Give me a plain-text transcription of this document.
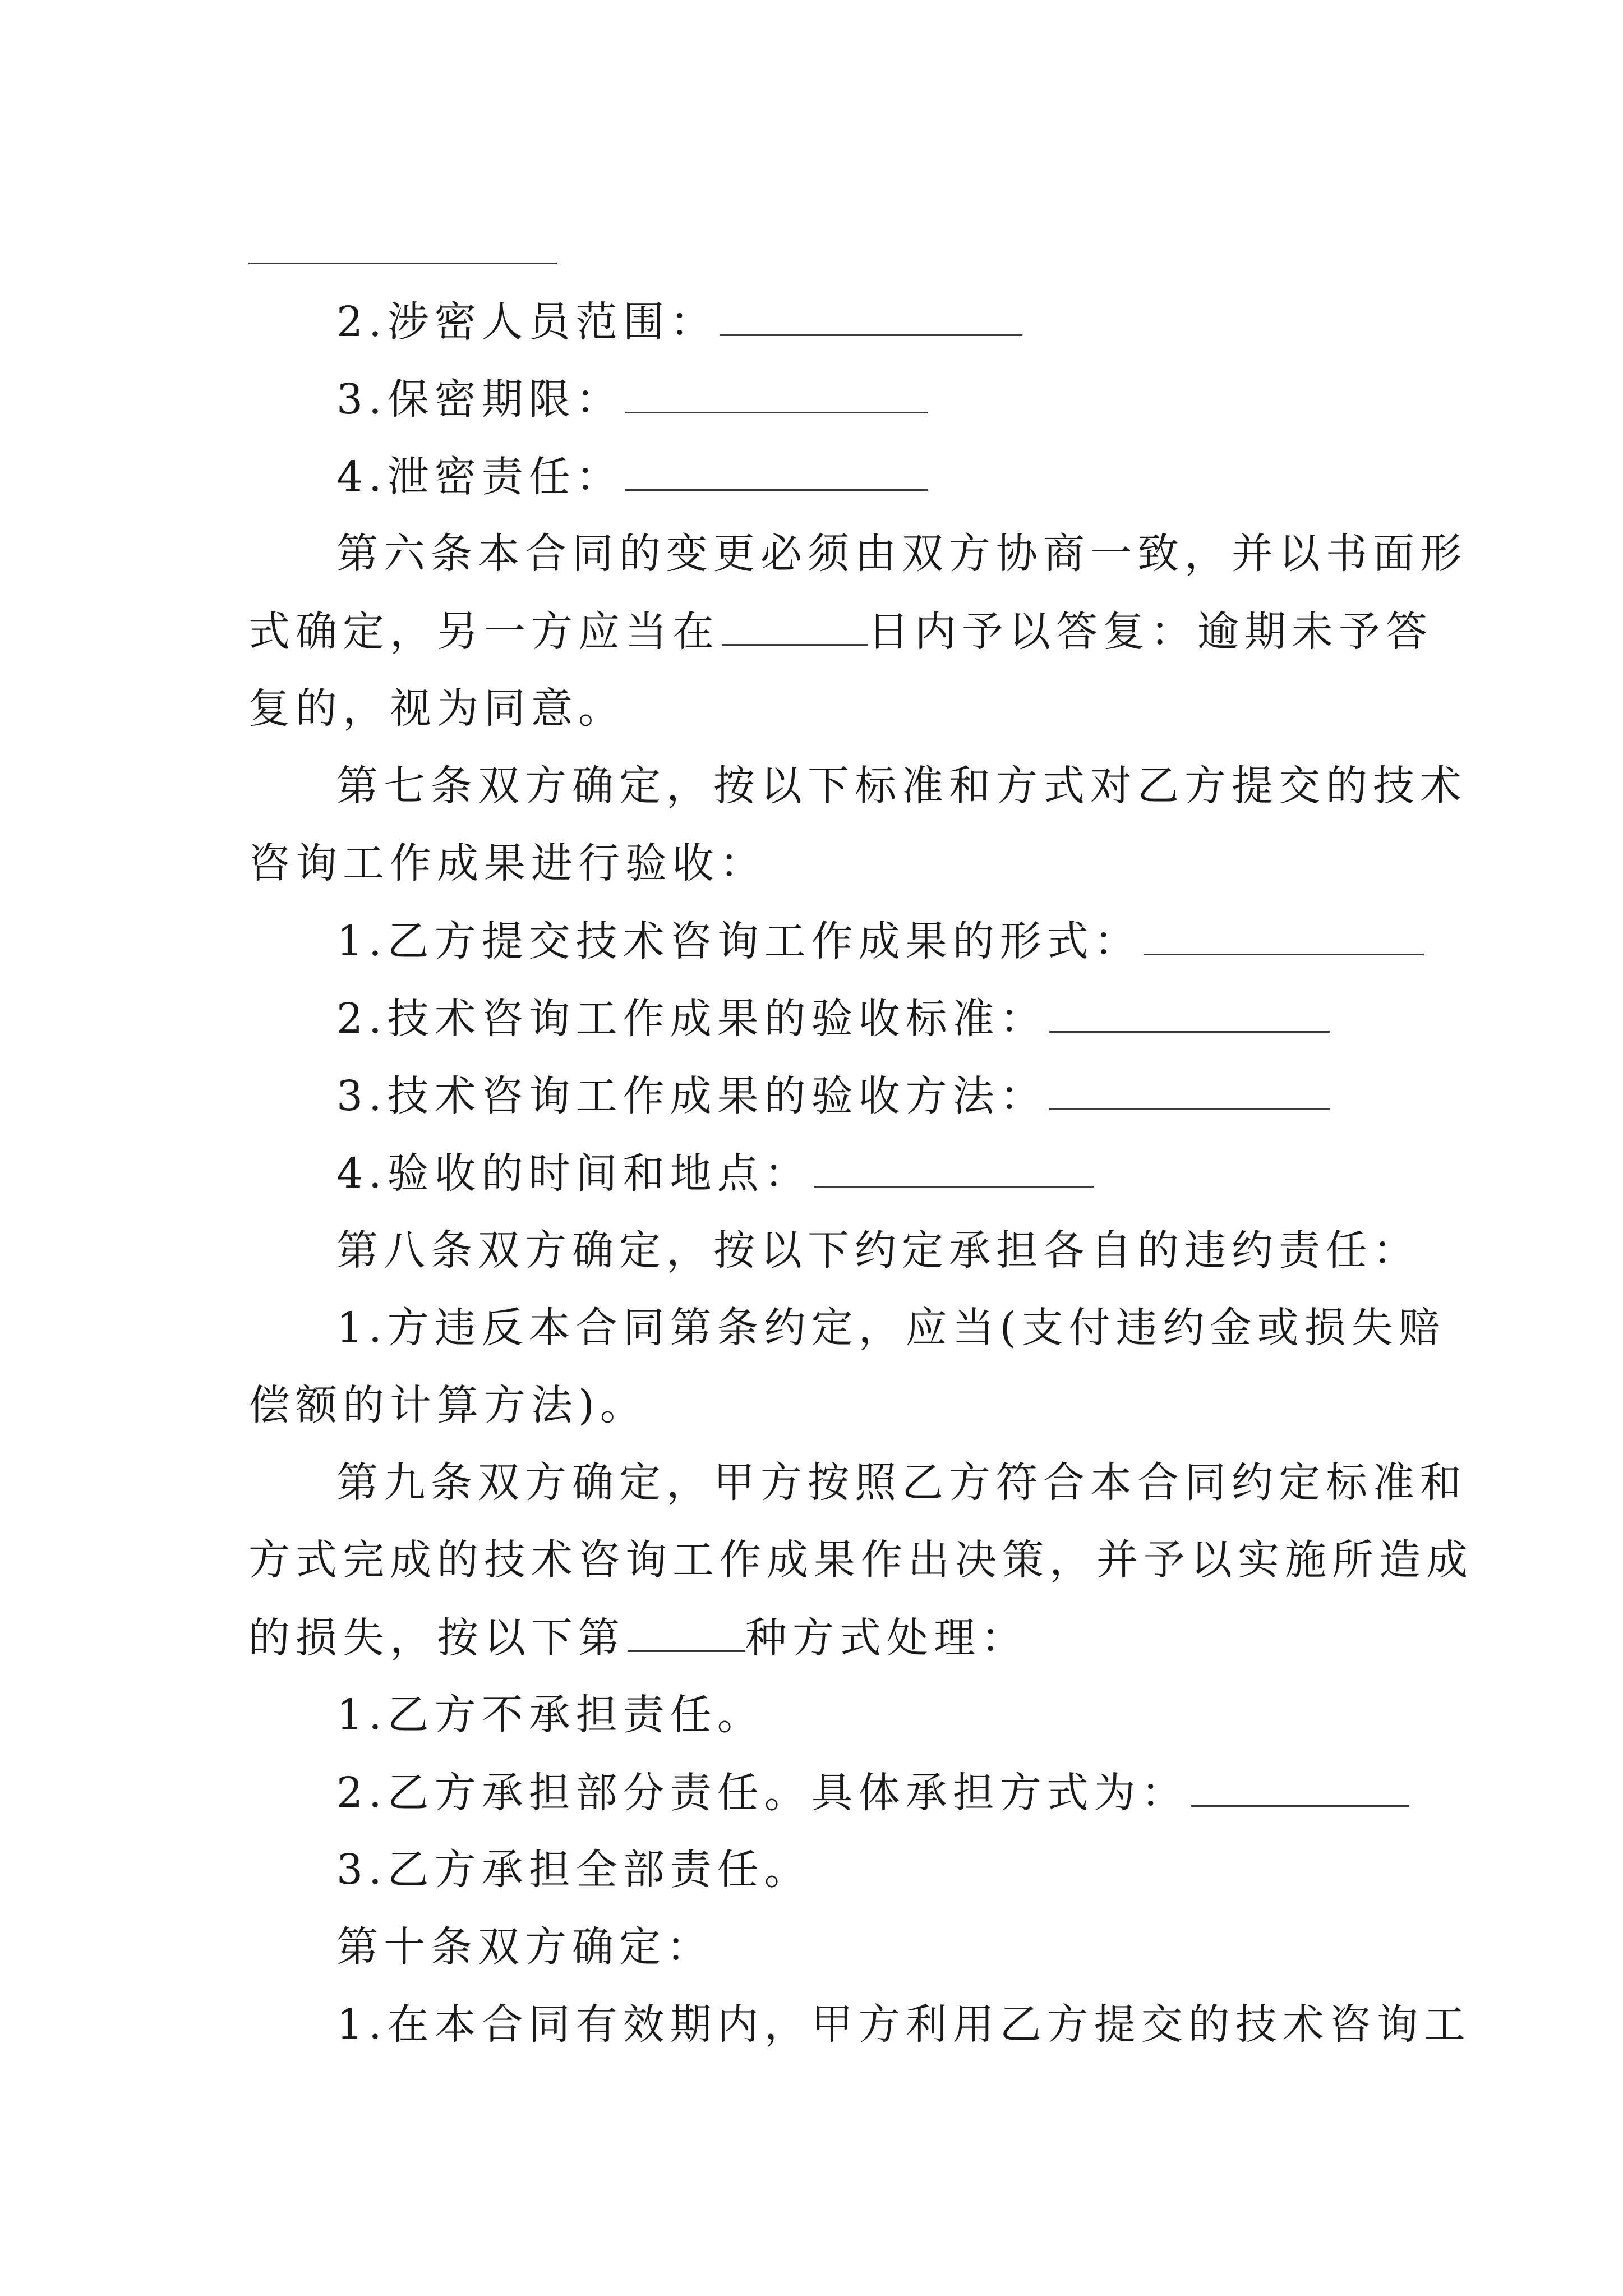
2.涉密人员范围：
3.保密期限：
4.泄密责任：
第六条本合同的变更必须由双方协商一致，并以书面形
式确定，另一方应当在	日内予以答复：逾期未予答
复的，视为同意。
第七条双方确定，按以下标准和方式对乙方提交的技术
咨询工作成果进行验收：
1.乙方提交技术咨询工作成果的形式：
2.技术咨询工作成果的验收标准：
3.技术咨询工作成果的验收方法：
4.验收的时间和地点：
第八条双方确定，按以下约定承担各自的违约责任：
1.方违反本合同第条约定，应当(支付违约金或损失赔
偿额的计算方法)。
第九条双方确定，甲方按照乙方符合本合同约定标准和
方式完成的技术咨询工作成果作出决策，并予以实施所造成
的损失，按以下第	种方式处理：
1.乙方不承担责任。
2.乙方承担部分责任。具体承担方式为：
3.乙方承担全部责任。
第十条双方确定：
1.在本合同有效期内，甲方利用乙方提交的技术咨询工
